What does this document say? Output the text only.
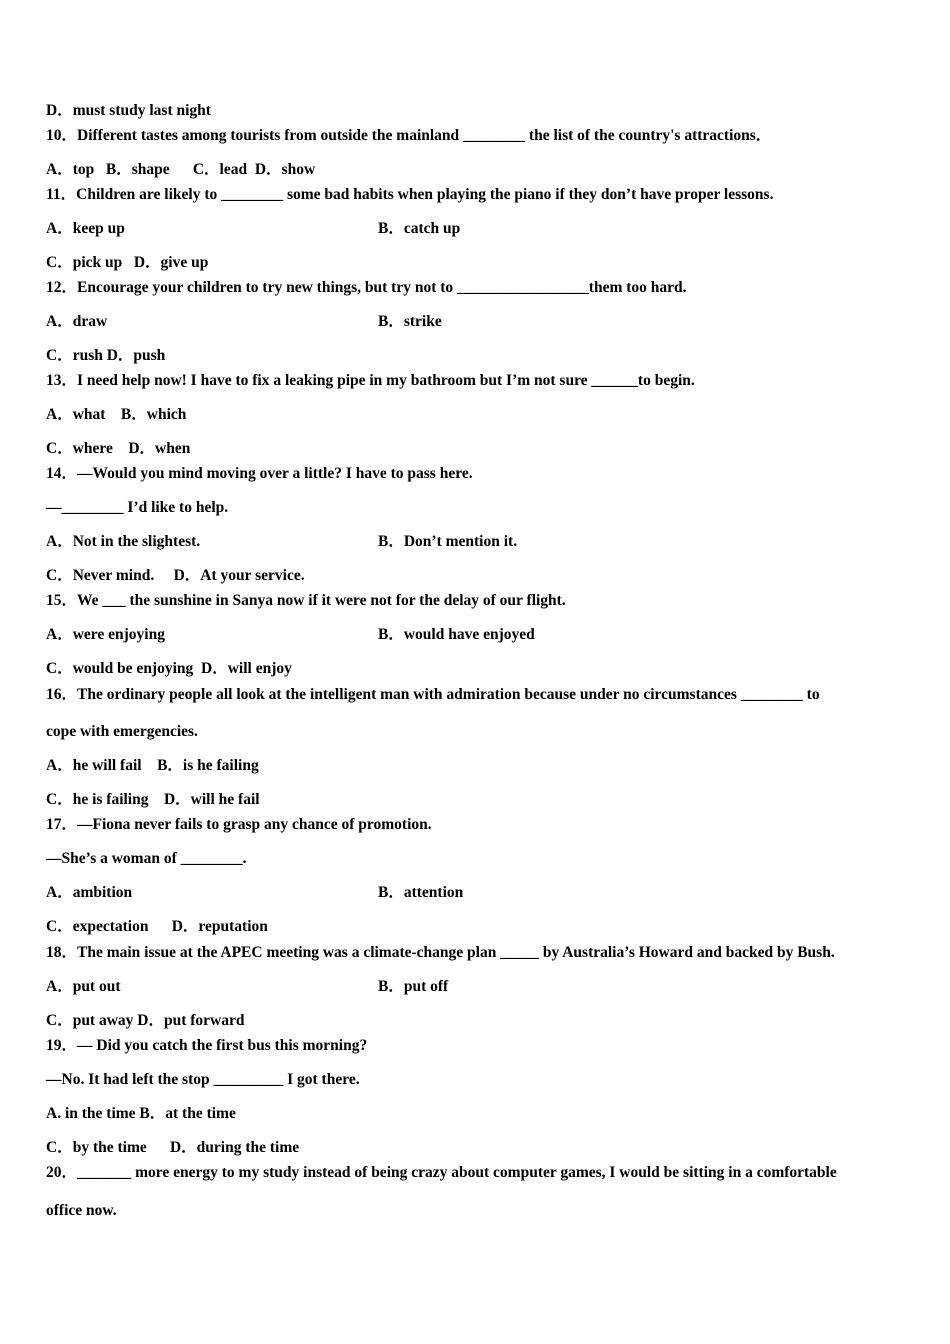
D．must study last night
10．Different tastes among tourists from outside the mainland ________ the list of the country's attractions．
A．top   B．shape      C．lead  D．show
11．Children are likely to ________ some bad habits when playing the piano if they don’t have proper lessons.
A．keep up	B．catch up
C．pick up   D．give up
12．Encourage your children to try new things, but try not to _________________them too hard.
A．draw	B．strike
C．rush D．push
13．I need help now! I have to fix a leaking pipe in my bathroom but I’m not sure ______to begin.
A．what    B．which
C．where    D．when
14．—Would you mind moving over a little? I have to pass here.
—________ I’d like to help.
A．Not in the slightest.	B．Don’t mention it.
C．Never mind.     D．At your service.
15．We ___ the sunshine in Sanya now if it were not for the delay of our flight.
A．were enjoying	B．would have enjoyed
C．would be enjoying  D．will enjoy
16．The ordinary people all look at the intelligent man with admiration because under no circumstances ________ to
cope with emergencies.
A．he will fail    B．is he failing
C．he is failing    D．will he fail
17．—Fiona never fails to grasp any chance of promotion.
—She’s a woman of ________.
A．ambition	B．attention
C．expectation      D．reputation
18．The main issue at the APEC meeting was a climate-change plan _____ by Australia’s Howard and backed by Bush.
A．put out	B．put off
C．put away D．put forward
19．— Did you catch the first bus this morning?
—No. It had left the stop _________ I got there.
A. in the time B．at the time
C．by the time      D．during the time
20．_______ more energy to my study instead of being crazy about computer games, I would be sitting in a comfortable
office now.
